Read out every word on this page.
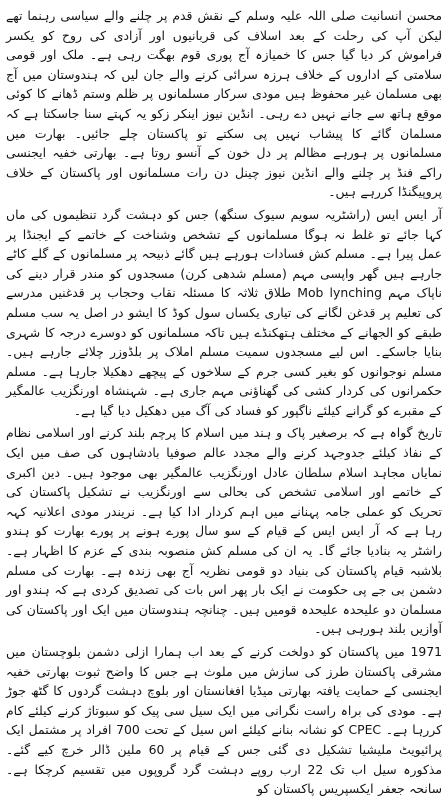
محسن انسانیت صلی اللہ علیہ وسلم کے نقش قدم پر چلنے والے سیاسی رہنما تھے لیکن آپ کی رحلت کے بعد اسلاف کی قربانیوں اور آزادی کی روح کو یکسر فراموش کر دیا گیا جس کا خمیازہ آج پوری قوم بھگت رہی ہے۔ ملک اور قومی سلامتی کے اداروں کے خلاف ہرزہ سرائی کرنے والے جان لیں کہ ہندوستان میں آج بھی مسلمان غیر محفوظ ہیں مودی سرکار مسلمانوں پر ظلم وستم ڈھانے کا کوئی موقع ہاتھ سے جانے نہیں دے رہی۔ انڈین نیوز اینکر زکو یہ کہتے سنا جاسکتا ہے کہ مسلمان گائے کا پیشاب نہیں پی سکتے تو پاکستان چلے جائیں۔ بھارت میں مسلمانوں پر ہورہے مظالم پر دل خون کے آنسو روتا ہے۔ بھارتی خفیہ ایجنسی راکے فنڈ پر چلنے والے انڈین نیوز چینل دن رات مسلمانوں اور پاکستان کے خلاف پروپیگنڈا کررہے ہیں۔

آر ایس ایس (راشٹریہ سویم سیوک سنگھ) جس کو دہشت گرد تنظیموں کی ماں کہا جائے تو غلط نہ ہوگا مسلمانوں کے تشخص وشناخت کے خاتمے کے ایجنڈا پر عمل پیرا ہے۔ مسلم کش فسادات ہورہے ہیں گائے ذبیحہ پر مسلمانوں کے گلے کاٹے جارہے ہیں گھر واپسی مہم (مسلم شدھی کرن) مسجدوں کو مندر قرار دینے کی ناپاک مہم Mob lynching طلاق ثلاثہ کا مسئلہ نقاب وحجاب پر قدغنیں مدرسے کی تعلیم پر قدغن لگانے کی تیاری یکساں سول کوڈ کا ایشو در اصل یہ سب مسلم طبقے کو الجھانے کے مختلف ہتھکنڈے ہیں تاکہ مسلمانوں کو دوسرے درجہ کا شہری بنایا جاسکے۔ اس لیے مسجدوں سمیت مسلم املاک پر بلڈوزر چلائے جارہے ہیں۔ مسلم نوجوانوں کو بغیر کسی جرم کے سلاخوں کے پیچھے دھکیلا جارہا ہے۔ مسلم حکمرانوں کی کردار کشی کی گھناؤنی مہم جاری ہے۔ شہنشاہ اورنگزیب عالمگیر کے مقبرے کو گرانے کیلئے ناگپور کو فساد کی آگ میں دھکیل دیا گیا ہے۔

تاریخ گواہ ہے کہ برصغیر پاک و ہند میں اسلام کا پرچم بلند کرنے اور اسلامی نظام کے نفاذ کیلئے جدوجہد کرنے والے مجدد عالم صوفیا بادشاہوں کی صف میں ایک نمایاں مجاہد اسلام سلطان عادل اورنگزیب عالمگیر بھی موجود ہیں۔ دین اکبری کے خاتمے اور اسلامی تشخص کی بحالی سے اورنگزیب نے تشکیل پاکستان کی تحریک کو عملی جامہ پہنانے میں اہم کردار ادا کیا ہے۔ نریندر مودی اعلانیہ کہہ رہا ہے کہ آر ایس ایس کے قیام کے سو سال پورے ہونے پر پورے بھارت کو ہندو راشٹر یہ بنادیا جائے گا۔ یہ ان کی مسلم کش منصوبہ بندی کے عزم کا اظہار ہے۔ بلاشبہ قیام پاکستان کی بنیاد دو قومی نظریہ آج بھی زندہ ہے۔ بھارت کی مسلم دشمن بی جے پی حکومت نے ایک بار پھر اس بات کی تصدیق کردی ہے کہ ہندو اور مسلمان دو علیحدہ علیحدہ قومیں ہیں۔ چنانچہ ہندوستان میں ایک اور پاکستان کی آوازیں بلند ہورہی ہیں۔

1971 میں پاکستان کو دولخت کرنے کے بعد اب ہمارا ازلی دشمن بلوچستان میں مشرقی پاکستان طرز کی سازش میں ملوث ہے جس کا واضح ثبوت بھارتی خفیہ ایجنسی کے حمایت یافتہ بھارتی میڈیا افغانستان اور بلوچ دہشت گردوں کا گٹھ جوڑ ہے۔ مودی کی براہ راست نگرانی میں ایک سیل سی پیک کو سبوتاژ کرنے کیلئے کام کررہا ہے۔ CPEC کو نشانہ بنانے کیلئے اس سیل کے تحت 700 افراد پر مشتمل ایک پرائیویٹ ملیشیا تشکیل دی گئی جس کے قیام پر 60 ملین ڈالر خرچ کیے گئے۔ مذکورہ سیل اب تک 22 ارب روپے دہشت گرد گروپوں میں تقسیم کرچکا ہے۔ سانحہ جعفر ایکسپریس پاکستان کو
